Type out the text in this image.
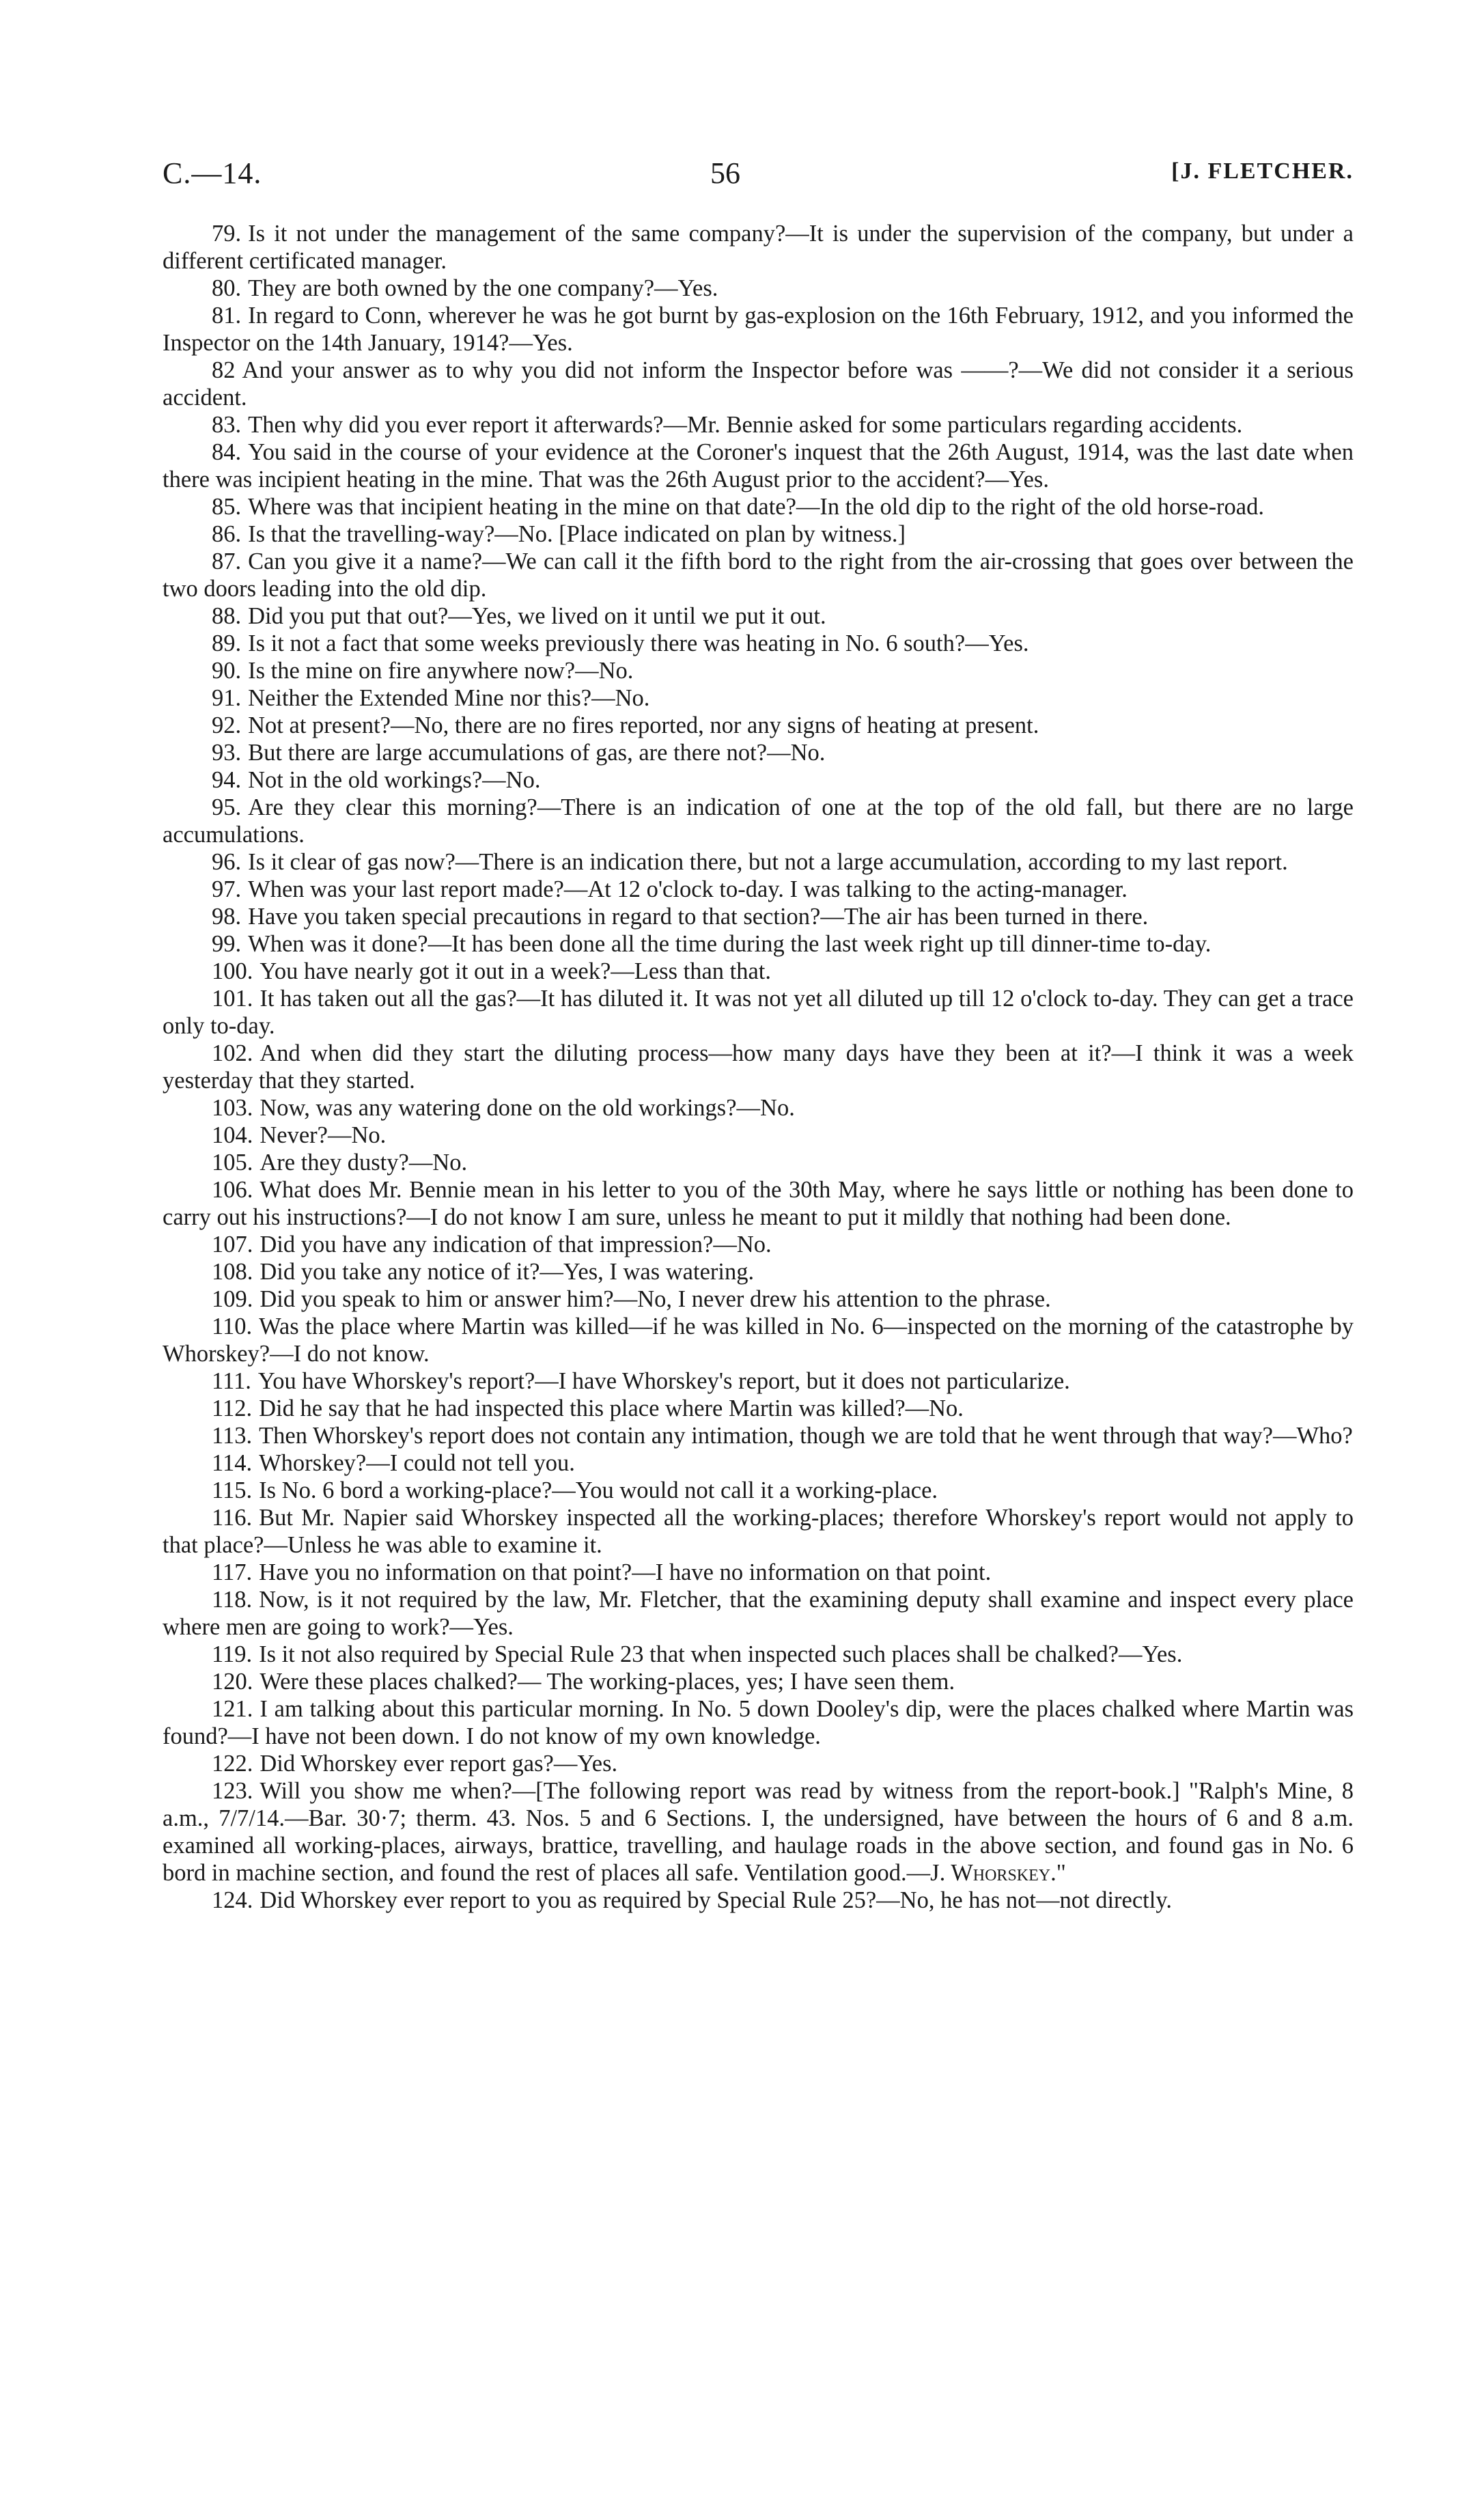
C.—14.	56	[J. FLETCHER.

79. Is it not under the management of the same company?—It is under the supervision of the company, but under a different certificated manager.

80. They are both owned by the one company?—Yes.

81. In regard to Conn, wherever he was he got burnt by gas-explosion on the 16th February, 1912, and you informed the Inspector on the 14th January, 1914?—Yes.

82 And your answer as to why you did not inform the Inspector before was ——?—We did not consider it a serious accident.

83. Then why did you ever report it afterwards?—Mr. Bennie asked for some particulars regarding accidents.

84. You said in the course of your evidence at the Coroner's inquest that the 26th August, 1914, was the last date when there was incipient heating in the mine. That was the 26th August prior to the accident?—Yes.

85. Where was that incipient heating in the mine on that date?—In the old dip to the right of the old horse-road.

86. Is that the travelling-way?—No. [Place indicated on plan by witness.]

87. Can you give it a name?—We can call it the fifth bord to the right from the air-crossing that goes over between the two doors leading into the old dip.

88. Did you put that out?—Yes, we lived on it until we put it out.

89. Is it not a fact that some weeks previously there was heating in No. 6 south?—Yes.

90. Is the mine on fire anywhere now?—No.

91. Neither the Extended Mine nor this?—No.

92. Not at present?—No, there are no fires reported, nor any signs of heating at present.

93. But there are large accumulations of gas, are there not?—No.

94. Not in the old workings?—No.

95. Are they clear this morning?—There is an indication of one at the top of the old fall, but there are no large accumulations.

96. Is it clear of gas now?—There is an indication there, but not a large accumulation, according to my last report.

97. When was your last report made?—At 12 o'clock to-day. I was talking to the acting-manager.

98. Have you taken special precautions in regard to that section?—The air has been turned in there.

99. When was it done?—It has been done all the time during the last week right up till dinner-time to-day.

100. You have nearly got it out in a week?—Less than that.

101. It has taken out all the gas?—It has diluted it. It was not yet all diluted up till 12 o'clock to-day. They can get a trace only to-day.

102. And when did they start the diluting process—how many days have they been at it?—I think it was a week yesterday that they started.

103. Now, was any watering done on the old workings?—No.

104. Never?—No.

105. Are they dusty?—No.

106. What does Mr. Bennie mean in his letter to you of the 30th May, where he says little or nothing has been done to carry out his instructions?—I do not know I am sure, unless he meant to put it mildly that nothing had been done.

107. Did you have any indication of that impression?—No.

108. Did you take any notice of it?—Yes, I was watering.

109. Did you speak to him or answer him?—No, I never drew his attention to the phrase.

110. Was the place where Martin was killed—if he was killed in No. 6—inspected on the morning of the catastrophe by Whorskey?—I do not know.

111. You have Whorskey's report?—I have Whorskey's report, but it does not particularize.

112. Did he say that he had inspected this place where Martin was killed?—No.

113. Then Whorskey's report does not contain any intimation, though we are told that he went through that way?—Who?

114. Whorskey?—I could not tell you.

115. Is No. 6 bord a working-place?—You would not call it a working-place.

116. But Mr. Napier said Whorskey inspected all the working-places; therefore Whorskey's report would not apply to that place?—Unless he was able to examine it.

117. Have you no information on that point?—I have no information on that point.

118. Now, is it not required by the law, Mr. Fletcher, that the examining deputy shall examine and inspect every place where men are going to work?—Yes.

119. Is it not also required by Special Rule 23 that when inspected such places shall be chalked?—Yes.

120. Were these places chalked?— The working-places, yes; I have seen them.

121. I am talking about this particular morning. In No. 5 down Dooley's dip, were the places chalked where Martin was found?—I have not been down. I do not know of my own knowledge.

122. Did Whorskey ever report gas?—Yes.

123. Will you show me when?—[The following report was read by witness from the report-book.] "Ralph's Mine, 8 a.m., 7/7/14.—Bar. 30·7; therm. 43. Nos. 5 and 6 Sections. I, the undersigned, have between the hours of 6 and 8 a.m. examined all working-places, airways, brattice, travelling, and haulage roads in the above section, and found gas in No. 6 bord in machine section, and found the rest of places all safe. Ventilation good.—J. Whorskey."

124. Did Whorskey ever report to you as required by Special Rule 25?—No, he has not—not directly.
